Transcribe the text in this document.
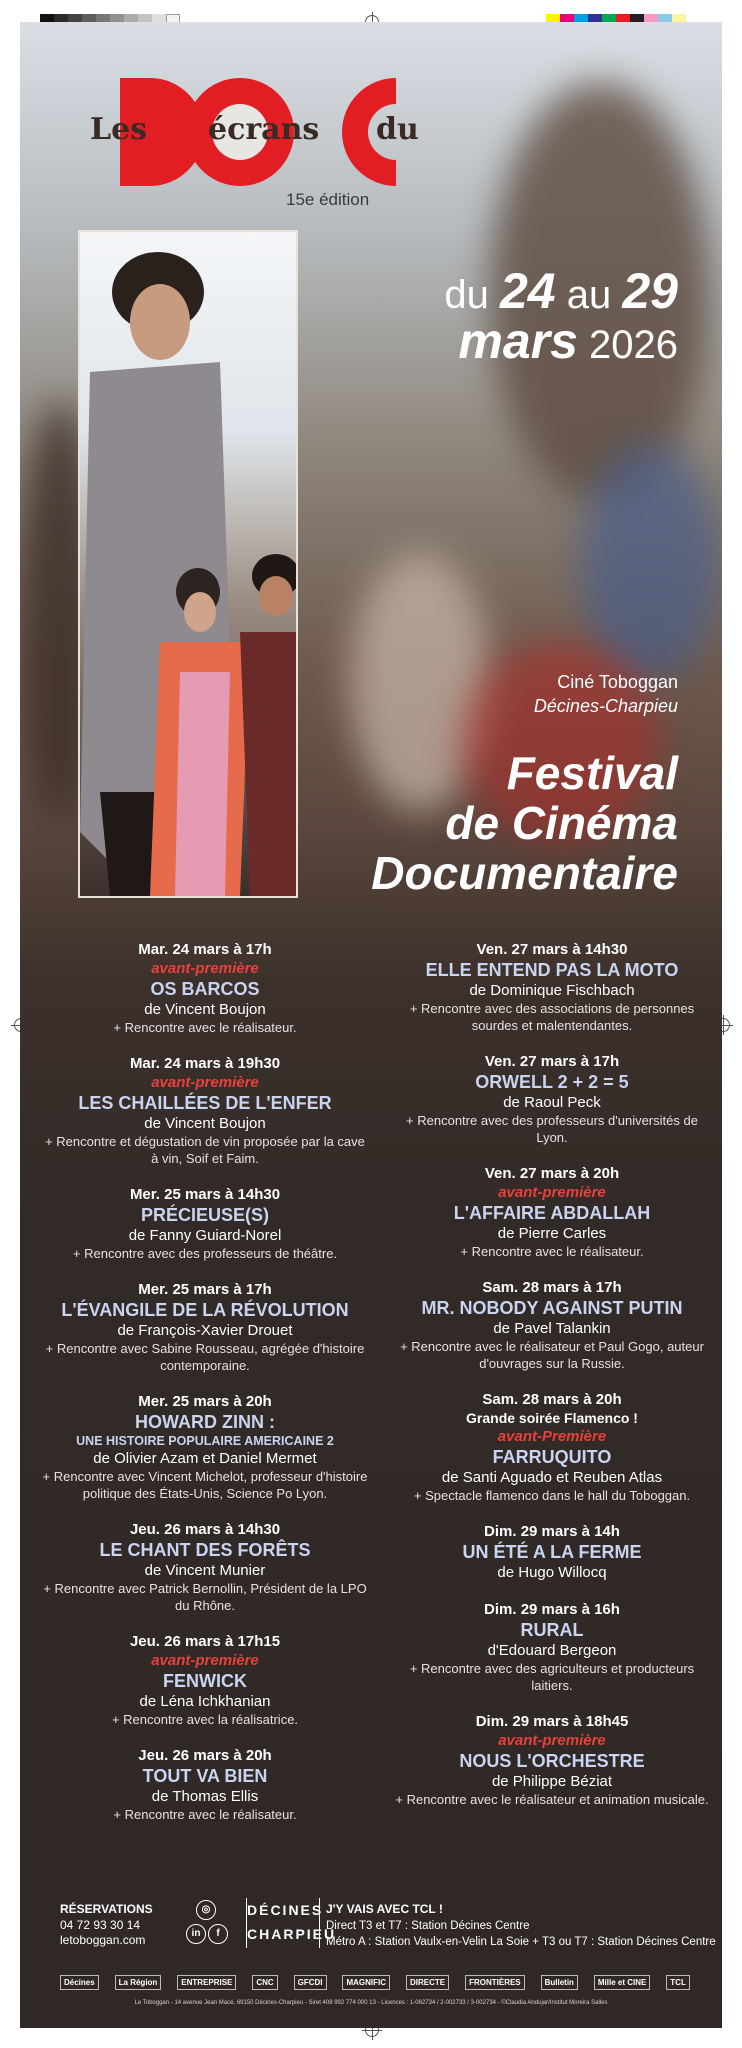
Les écrans du
15e édition
du 24 au 29
mars 2026
Ciné Toboggan
Décines-Charpieu
Festival
de Cinéma
Documentaire
Mar. 24 mars à 17h
avant-première
OS BARCOS
de Vincent Boujon
+ Rencontre avec le réalisateur.
Mar. 24 mars à 19h30
avant-première
LES CHAILLÉES DE L'ENFER
de Vincent Boujon
+ Rencontre et dégustation de vin proposée par la cave à vin, Soif et Faim.
Mer. 25 mars à 14h30
PRÉCIEUSE(S)
de Fanny Guiard-Norel
+ Rencontre avec des professeurs de théâtre.
Mer. 25 mars à 17h
L'ÉVANGILE DE LA RÉVOLUTION
de François-Xavier Drouet
+ Rencontre avec Sabine Rousseau, agrégée d'histoire contemporaine.
Mer. 25 mars à 20h
HOWARD ZINN :
UNE HISTOIRE POPULAIRE AMERICAINE 2
de Olivier Azam et Daniel Mermet
+ Rencontre avec Vincent Michelot, professeur d'histoire politique des États-Unis, Science Po Lyon.
Jeu. 26 mars à 14h30
LE CHANT DES FORÊTS
de Vincent Munier
+ Rencontre avec Patrick Bernollin, Président de la LPO du Rhône.
Jeu. 26 mars à 17h15
avant-première
FENWICK
de Léna Ichkhanian
+ Rencontre avec la réalisatrice.
Jeu. 26 mars à 20h
TOUT VA BIEN
de Thomas Ellis
+ Rencontre avec le réalisateur.
Ven. 27 mars à 14h30
ELLE ENTEND PAS LA MOTO
de Dominique Fischbach
+ Rencontre avec des associations de personnes sourdes et malentendantes.
Ven. 27 mars à 17h
ORWELL 2 + 2 = 5
de Raoul Peck
+ Rencontre avec des professeurs d'universités de Lyon.
Ven. 27 mars à 20h
avant-première
L'AFFAIRE ABDALLAH
de Pierre Carles
+ Rencontre avec le réalisateur.
Sam. 28 mars à 17h
MR. NOBODY AGAINST PUTIN
de Pavel Talankin
+ Rencontre avec le réalisateur et Paul Gogo, auteur d'ouvrages sur la Russie.
Sam. 28 mars à 20h
Grande soirée Flamenco !
avant-Première
FARRUQUITO
de Santi Aguado et Reuben Atlas
+ Spectacle flamenco dans le hall du Toboggan.
Dim. 29 mars à 14h
UN ÉTÉ A LA FERME
de Hugo Willocq
Dim. 29 mars à 16h
RURAL
d'Edouard Bergeon
+ Rencontre avec des agriculteurs et producteurs laitiers.
Dim. 29 mars à 18h45
avant-première
NOUS L'ORCHESTRE
de Philippe Béziat
+ Rencontre avec le réalisateur et animation musicale.
RÉSERVATIONS
04 72 93 30 14
letoboggan.com
◎
in	f
DÉCINES
CHARPIEU
J'Y VAIS AVEC TCL !
Direct T3 et T7 : Station Décines Centre
Métro A : Station Vaulx-en-Velin La Soie + T3 ou T7 : Station Décines Centre
Décines	La Région	ENTREPRISE	CNC	GFCDI	MAGNIFIC	DIRECTE	FRONTIÈRES	Bulletin	Mille et CINE	TCL
Le Toboggan - 14 avenue Jean Macé, 69150 Décines-Charpieu - Siret 408 992 774 000 13 - Licences : 1-062734 / 2-002733 / 3-002734 - ©Claudia Andujar/Institut Moreira Salles
